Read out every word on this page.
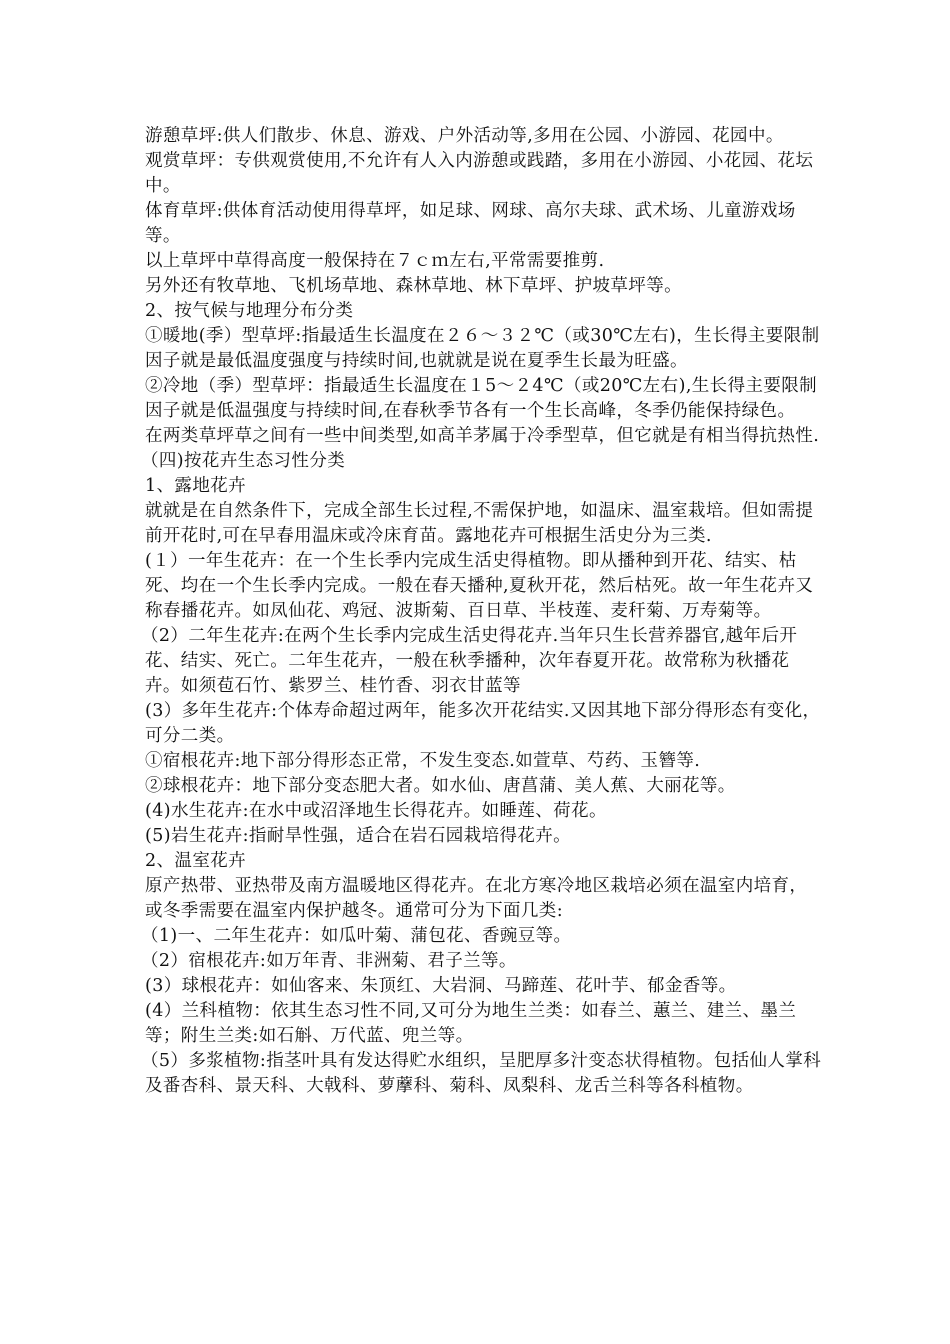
游憩草坪:供人们散步、休息、游戏、户外活动等,多用在公园、小游园、花园中。

观赏草坪：专供观赏使用,不允许有人入内游憩或践踏，多用在小游园、小花园、花坛中。

体育草坪:供体育活动使用得草坪，如足球、网球、高尔夫球、武术场、儿童游戏场等。

以上草坪中草得高度一般保持在７ｃｍ左右,平常需要推剪.

另外还有牧草地、飞机场草地、森林草地、林下草坪、护坡草坪等。

2、按气候与地理分布分类

①暖地(季）型草坪:指最适生长温度在２６～３２℃（或30℃左右)，生长得主要限制因子就是最低温度强度与持续时间,也就就是说在夏季生长最为旺盛。

②冷地（季）型草坪：指最适生长温度在１5～２4℃（或20℃左右),生长得主要限制因子就是低温强度与持续时间,在春秋季节各有一个生长高峰，冬季仍能保持绿色。

在两类草坪草之间有一些中间类型,如高羊茅属于冷季型草，但它就是有相当得抗热性.

（四)按花卉生态习性分类

1、露地花卉

就就是在自然条件下，完成全部生长过程,不需保护地，如温床、温室栽培。但如需提前开花时,可在早春用温床或冷床育苗。露地花卉可根据生活史分为三类.

(１）一年生花卉：在一个生长季内完成生活史得植物。即从播种到开花、结实、枯死、均在一个生长季内完成。一般在春天播种,夏秋开花，然后枯死。故一年生花卉又称春播花卉。如凤仙花、鸡冠、波斯菊、百日草、半枝莲、麦秆菊、万寿菊等。

（2）二年生花卉:在两个生长季内完成生活史得花卉.当年只生长营养器官,越年后开花、结实、死亡。二年生花卉，一般在秋季播种，次年春夏开花。故常称为秋播花卉。如须苞石竹、紫罗兰、桂竹香、羽衣甘蓝等

(3）多年生花卉:个体寿命超过两年，能多次开花结实.又因其地下部分得形态有变化，可分二类。

①宿根花卉:地下部分得形态正常，不发生变态.如萱草、芍药、玉簪等.

②球根花卉：地下部分变态肥大者。如水仙、唐菖蒲、美人蕉、大丽花等。

(4)水生花卉:在水中或沼泽地生长得花卉。如睡莲、荷花。

(5)岩生花卉:指耐旱性强，适合在岩石园栽培得花卉。

2、温室花卉

原产热带、亚热带及南方温暖地区得花卉。在北方寒冷地区栽培必须在温室内培育，或冬季需要在温室内保护越冬。通常可分为下面几类:

（1)一、二年生花卉：如瓜叶菊、蒲包花、香豌豆等。

（2）宿根花卉:如万年青、非洲菊、君子兰等。

(3）球根花卉：如仙客来、朱顶红、大岩洞、马蹄莲、花叶芋、郁金香等。

(4）兰科植物：依其生态习性不同,又可分为地生兰类：如春兰、蕙兰、建兰、墨兰等；附生兰类:如石斛、万代蓝、兜兰等。

（5）多浆植物:指茎叶具有发达得贮水组织，呈肥厚多汁变态状得植物。包括仙人掌科及番杏科、景天科、大戟科、萝藦科、菊科、凤梨科、龙舌兰科等各科植物。
